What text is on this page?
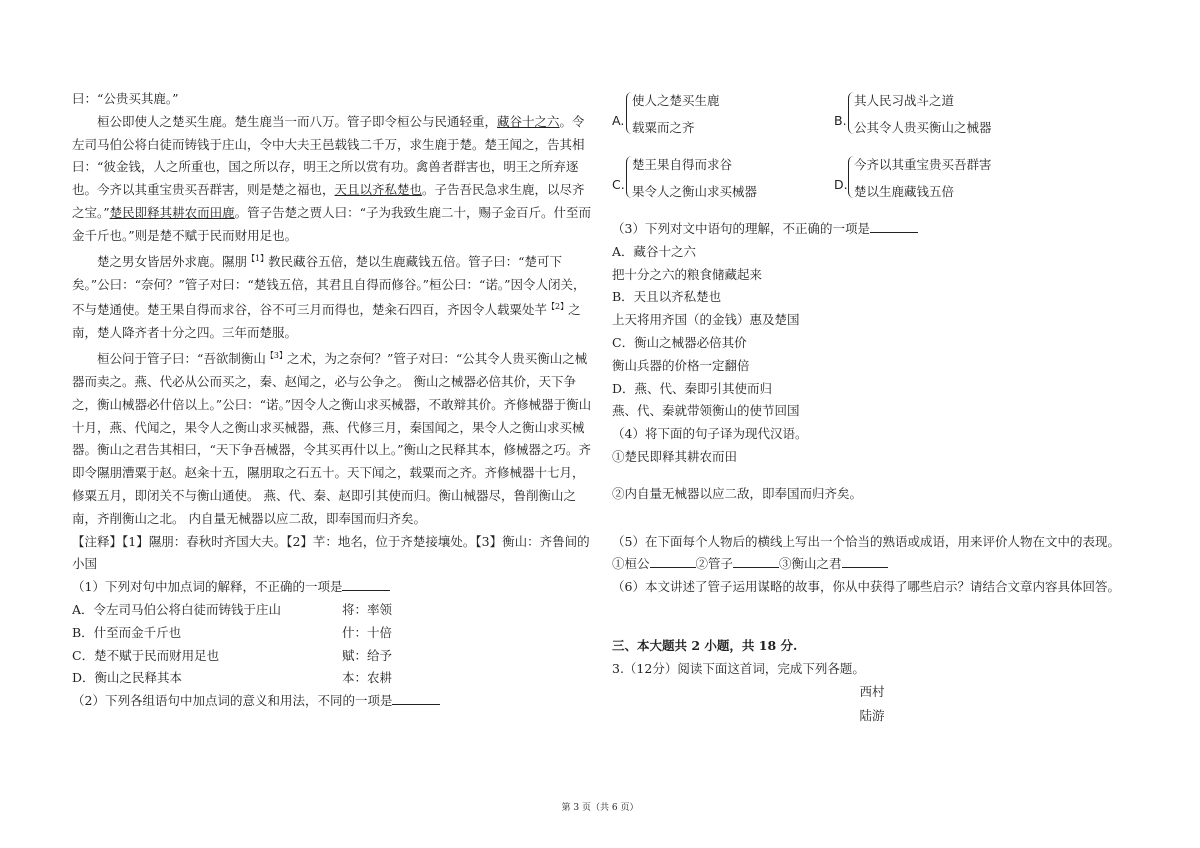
曰：“公贵买其鹿。”

桓公即使人之楚买生鹿。楚生鹿当一而八万。管子即令桓公与民通轻重，藏谷十之六。令左司马伯公将白徒而铸钱于庄山，令中大夫王邑载钱二千万，求生鹿于楚。楚王闻之，告其相曰：“彼金钱，人之所重也，国之所以存，明王之所以赏有功。禽兽者群害也，明王之所弃逐也。今齐以其重宝贵买吾群害，则是楚之福也，天且以齐私楚也。子告吾民急求生鹿，以尽齐之宝。”楚民即释其耕农而田鹿。管子告楚之贾人曰：“子为我致生鹿二十，赐子金百斤。什至而金千斤也。”则是楚不赋于民而财用足也。

楚之男女皆居外求鹿。隰朋$^{【1】}$教民藏谷五倍，楚以生鹿藏钱五倍。管子曰：“楚可下矣。”公曰：“奈何？”管子对曰：“楚钱五倍，其君且自得而修谷。”桓公曰：“诺。”因令人闭关，不与楚通使。楚王果自得而求谷，谷不可三月而得也，楚籴石四百，齐因令人载粟处芊$^{【2】}$之南，楚人降齐者十分之四。三年而楚服。

桓公问于管子曰：“吾欲制衡山$^{【3】}$之术，为之奈何？”管子对曰：“公其令人贵买衡山之械器而卖之。燕、代必从公而买之，秦、赵闻之，必与公争之。 衡山之械器必倍其价，天下争之，衡山械器必什倍以上。”公曰：“诺。”因令人之衡山求买械器，不敢辩其价。齐修械器于衡山十月，燕、代闻之，果令人之衡山求买械器，燕、代修三月，秦国闻之，果令人之衡山求买械器。衡山之君告其相曰，“天下争吾械器，令其买再什以上。”衡山之民释其本，修械器之巧。齐即令隰朋漕粟于赵。赵籴十五，隰朋取之石五十。天下闻之，载粟而之齐。齐修械器十七月，修粟五月，即闭关不与衡山通使。 燕、代、秦、赵即引其使而归。衡山械器尽，鲁削衡山之南，齐削衡山之北。 内自量无械器以应二敌，即奉国而归齐矣。

【注释】【1】隰朋：春秋时齐国大夫。【2】芊：地名，位于齐楚接壤处。【3】衡山：齐鲁间的小国

（1）下列对句中加点词的解释，不正确的一项是

A．令左司马伯公将白徒而铸钱于庄山	将：率领
B．什至而金千斤也	什：十倍
C．楚不赋于民而财用足也	赋：给予
D．衡山之民释其本	本：农耕

（2）下列各组语句中加点词的意义和用法，不同的一项是

A.
使人之楚买生鹿
载粟而之齐	B.
其人民习战斗之道
公其令人贵买衡山之械器
C.
楚王果自得而求谷
果令人之衡山求买械器	D.
今齐以其重宝贵买吾群害
楚以生鹿藏钱五倍

（3）下列对文中语句的理解，不正确的一项是

A．藏谷十之六

把十分之六的粮食储藏起来

B．天且以齐私楚也

上天将用齐国（的金钱）惠及楚国

C．衡山之械器必倍其价

衡山兵器的价格一定翻倍

D．燕、代、秦即引其使而归

燕、代、秦就带领衡山的使节回国

（4）将下面的句子译为现代汉语。

①楚民即释其耕农而田

②内自量无械器以应二敌，即奉国而归齐矣。

（5）在下面每个人物后的横线上写出一个恰当的熟语或成语，用来评价人物在文中的表现。

①桓公	②管子	③衡山之君

（6）本文讲述了管子运用谋略的故事，你从中获得了哪些启示？请结合文章内容具体回答。

三、本大题共 2 小题，共 18 分.

3.（12分）阅读下面这首词，完成下列各题。

西村

陆游

第 3 页（共 6 页）
